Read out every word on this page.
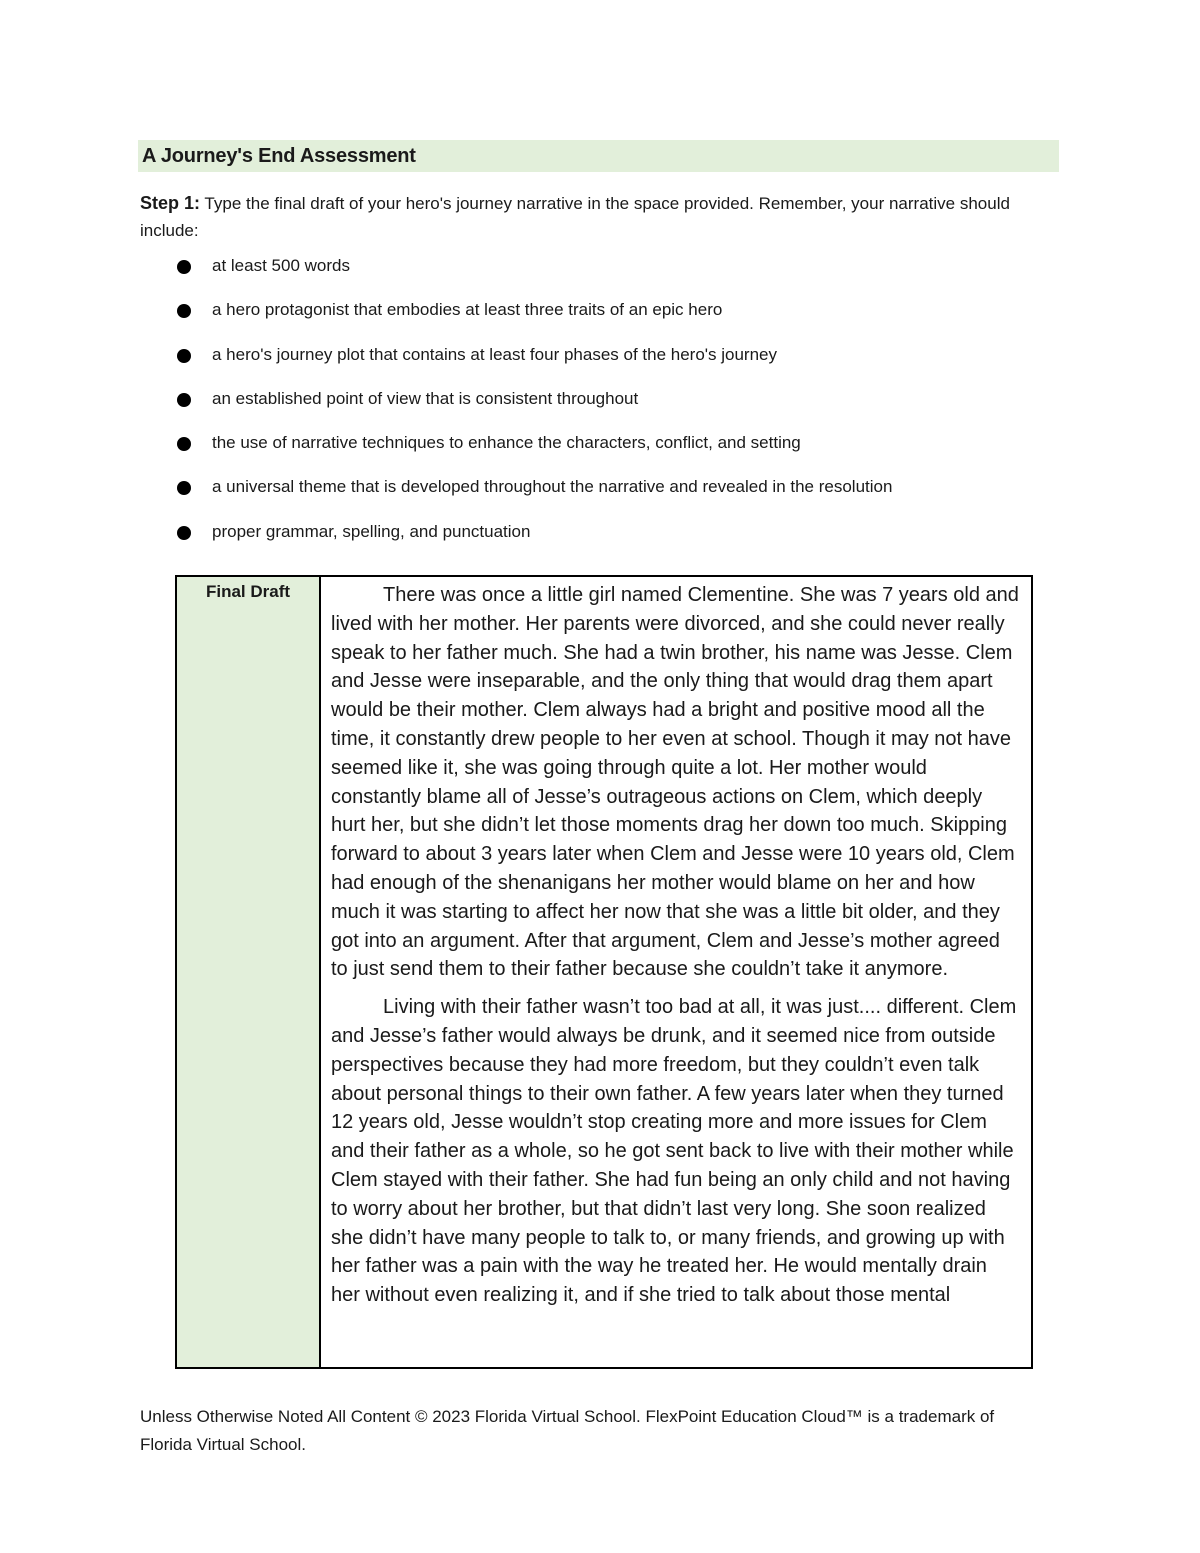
A Journey's End Assessment
Step 1: Type the final draft of your hero's journey narrative in the space provided. Remember, your narrative should include:
at least 500 words
a hero protagonist that embodies at least three traits of an epic hero
a hero's journey plot that contains at least four phases of the hero's journey
an established point of view that is consistent throughout
the use of narrative techniques to enhance the characters, conflict, and setting
a universal theme that is developed throughout the narrative and revealed in the resolution
proper grammar, spelling, and punctuation
Final Draft	There was once a little girl named Clementine. She was 7 years old and lived with her mother. Her parents were divorced, and she could never really speak to her father much. She had a twin brother, his name was Jesse. Clem and Jesse were inseparable, and the only thing that would drag them apart would be their mother. Clem always had a bright and positive mood all the time, it constantly drew people to her even at school. Though it may not have seemed like it, she was going through quite a lot. Her mother would constantly blame all of Jesse’s outrageous actions on Clem, which deeply hurt her, but she didn’t let those moments drag her down too much. Skipping forward to about 3 years later when Clem and Jesse were 10 years old, Clem had enough of the shenanigans her mother would blame on her and how much it was starting to affect her now that she was a little bit older, and they got into an argument. After that argument, Clem and Jesse’s mother agreed to just send them to their father because she couldn’t take it anymore.

Living with their father wasn’t too bad at all, it was just.... different. Clem and Jesse’s father would always be drunk, and it seemed nice from outside perspectives because they had more freedom, but they couldn’t even talk about personal things to their own father. A few years later when they turned 12 years old, Jesse wouldn’t stop creating more and more issues for Clem and their father as a whole, so he got sent back to live with their mother while Clem stayed with their father. She had fun being an only child and not having to worry about her brother, but that didn’t last very long. She soon realized she didn’t have many people to talk to, or many friends, and growing up with her father was a pain with the way he treated her. He would mentally drain her without even realizing it, and if she tried to talk about those mental

Unless Otherwise Noted All Content © 2023 Florida Virtual School. FlexPoint Education Cloud™ is a trademark of Florida Virtual School.
